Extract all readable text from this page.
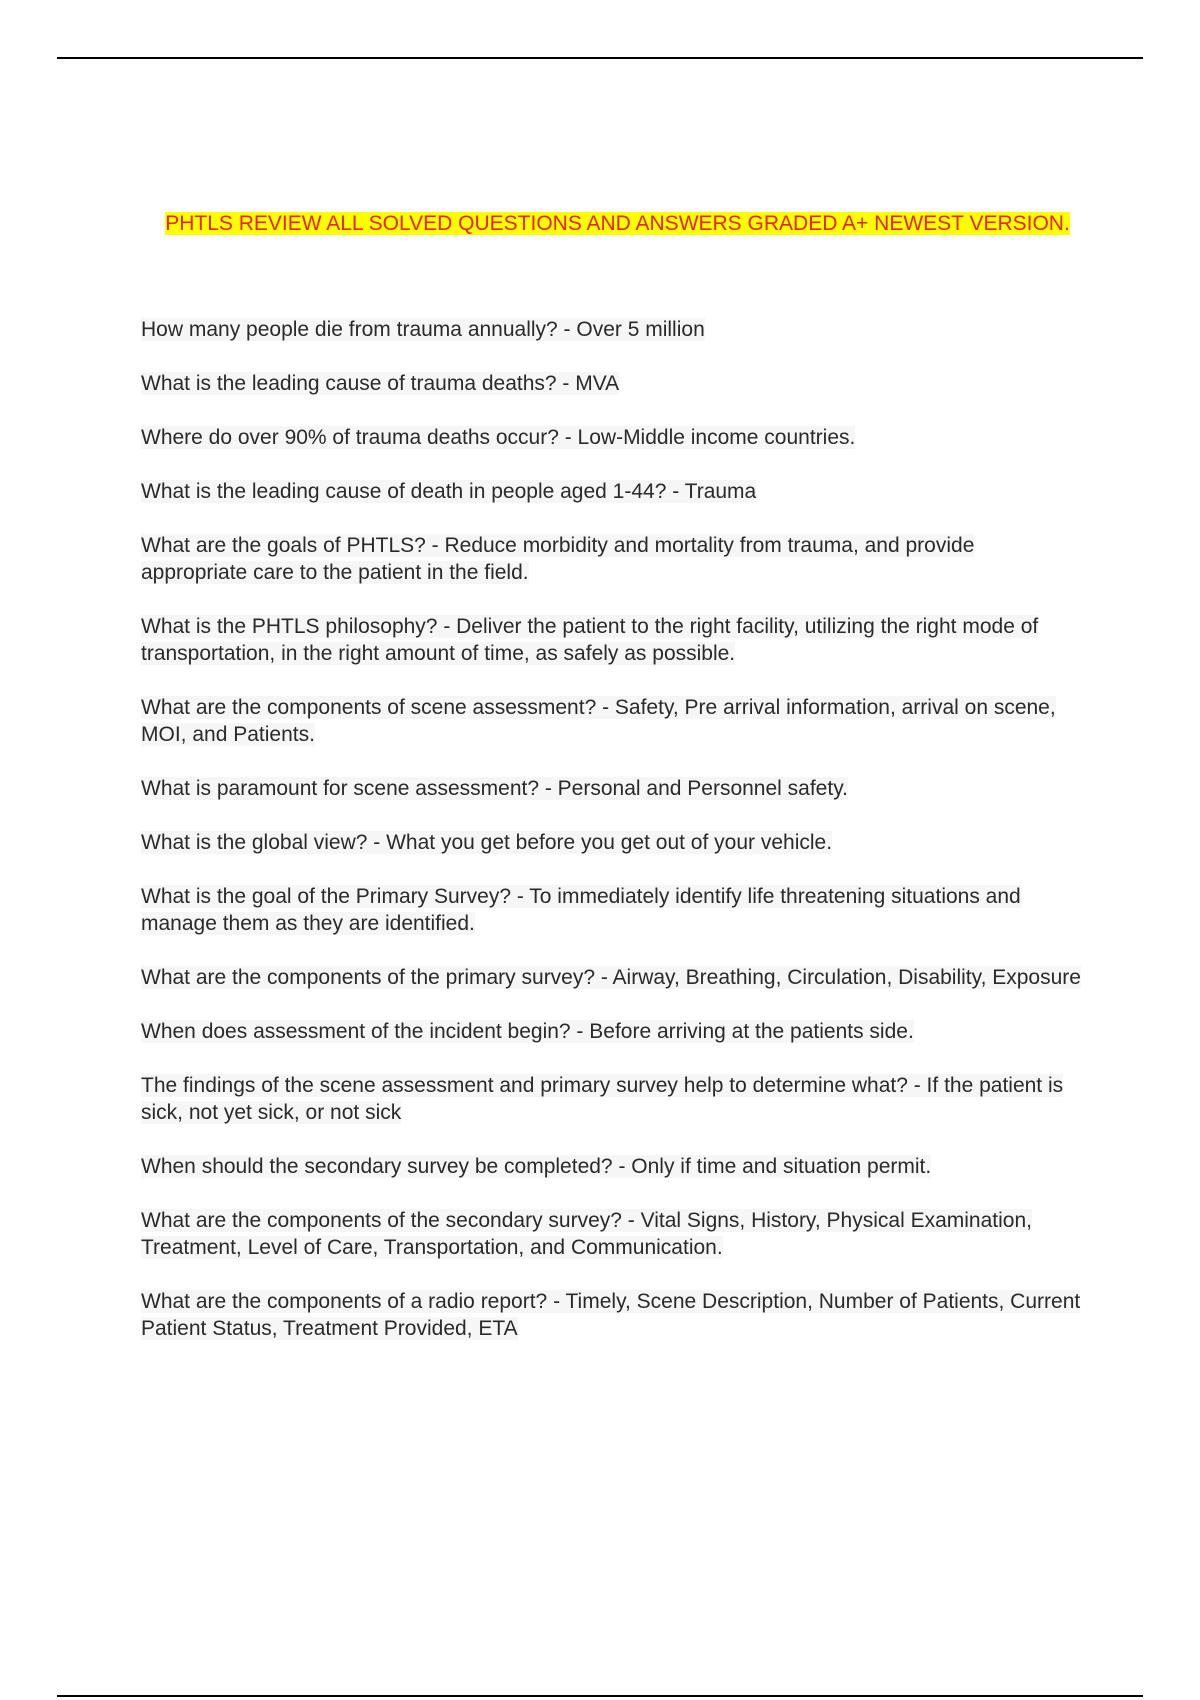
PHTLS REVIEW ALL SOLVED QUESTIONS AND ANSWERS GRADED A+ NEWEST VERSION.
How many people die from trauma annually? - Over 5 million
What is the leading cause of trauma deaths? - MVA
Where do over 90% of trauma deaths occur? - Low-Middle income countries.
What is the leading cause of death in people aged 1-44? - Trauma
What are the goals of PHTLS? - Reduce morbidity and mortality from trauma, and provide appropriate care to the patient in the field.
What is the PHTLS philosophy? - Deliver the patient to the right facility, utilizing the right mode of transportation, in the right amount of time, as safely as possible.
What are the components of scene assessment? - Safety, Pre arrival information, arrival on scene, MOI, and Patients.
What is paramount for scene assessment? - Personal and Personnel safety.
What is the global view? - What you get before you get out of your vehicle.
What is the goal of the Primary Survey? - To immediately identify life threatening situations and manage them as they are identified.
What are the components of the primary survey? - Airway, Breathing, Circulation, Disability, Exposure
When does assessment of the incident begin? - Before arriving at the patients side.
The findings of the scene assessment and primary survey help to determine what? - If the patient is sick, not yet sick, or not sick
When should the secondary survey be completed? - Only if time and situation permit.
What are the components of the secondary survey? - Vital Signs, History, Physical Examination, Treatment, Level of Care, Transportation, and Communication.
What are the components of a radio report? - Timely, Scene Description, Number of Patients, Current Patient Status, Treatment Provided, ETA
